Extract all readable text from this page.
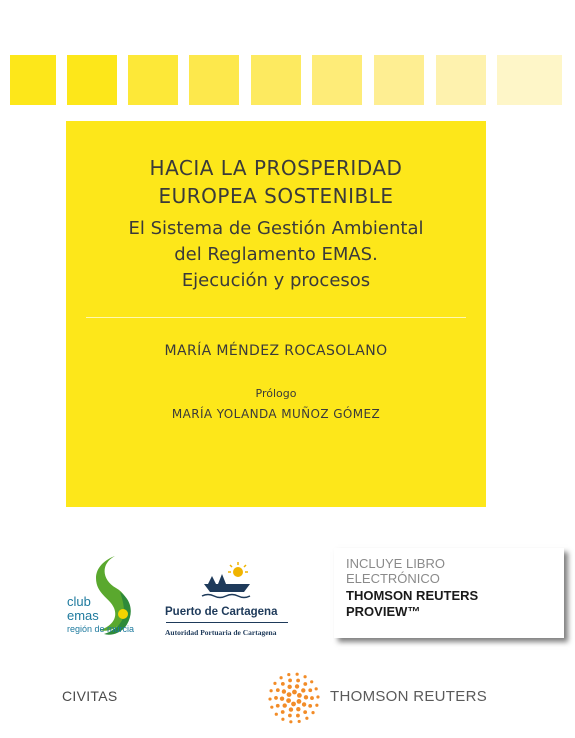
HACIA LA PROSPERIDAD
EUROPEA SOSTENIBLE
El Sistema de Gestión Ambiental
del Reglamento EMAS.
Ejecución y procesos
MARÍA MÉNDEZ ROCASOLANO
Prólogo
MARÍA YOLANDA MUÑOZ GÓMEZ
club
emas
región de murcia
Puerto de Cartagena
Autoridad Portuaria de Cartagena
INCLUYE LIBRO
ELECTRÓNICO
THOMSON REUTERS
PROVIEW™
CIVITAS	THOMSON REUTERS
